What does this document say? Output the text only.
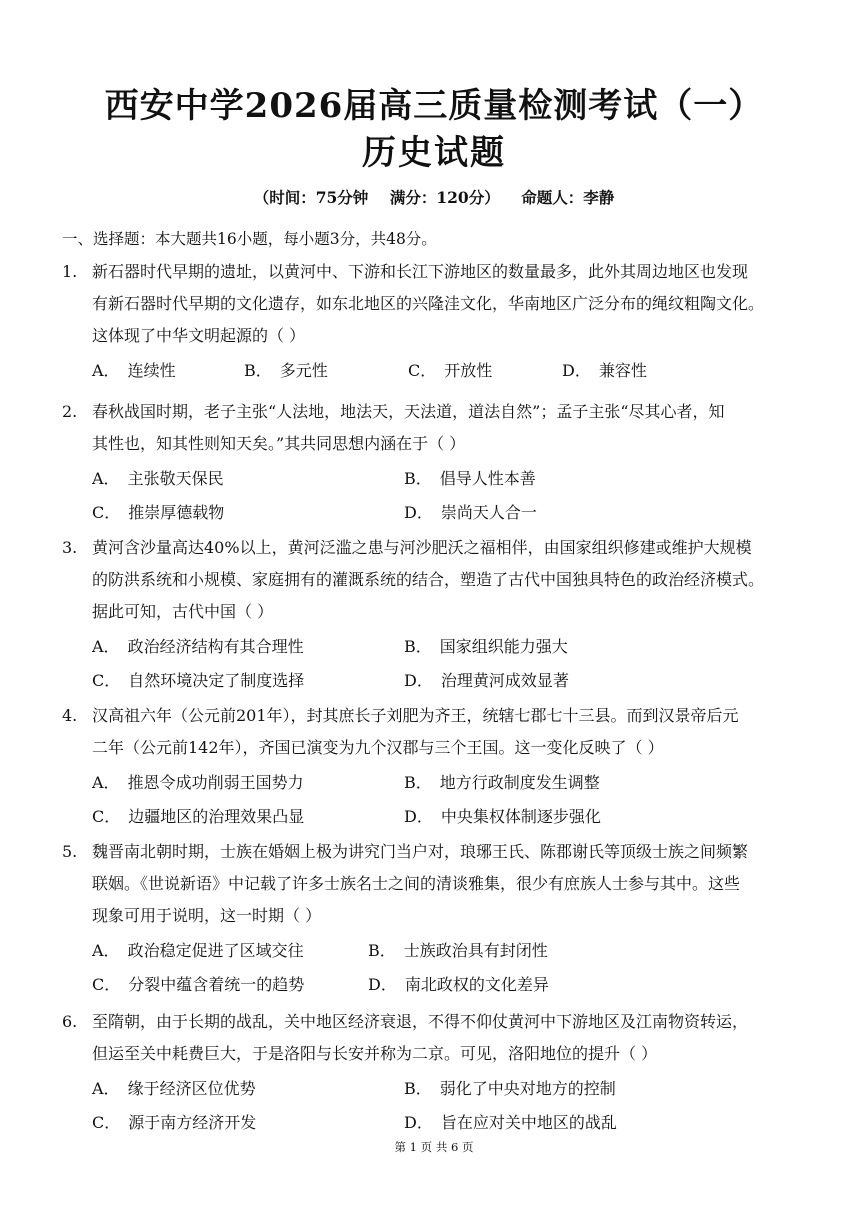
西安中学2026届高三质量检测考试（一）
历史试题
（时间：75分钟    满分：120分）    命题人：李静
一、选择题：本大题共16小题，每小题3分，共48分。
1. 新石器时代早期的遗址，以黄河中、下游和长江下游地区的数量最多，此外其周边地区也发现
有新石器时代早期的文化遗存，如东北地区的兴隆洼文化，华南地区广泛分布的绳纹粗陶文化。
这体现了中华文明起源的（ ）
A． 连续性	B． 多元性	C． 开放性	D． 兼容性
2. 春秋战国时期，老子主张“人法地，地法天，天法道，道法自然”；孟子主张“尽其心者，知
其性也，知其性则知天矣。”其共同思想内涵在于（ ）
A． 主张敬天保民	B． 倡导人性本善
C． 推崇厚德载物	D． 崇尚天人合一
3. 黄河含沙量高达40%以上，黄河泛滥之患与河沙肥沃之福相伴，由国家组织修建或维护大规模
的防洪系统和小规模、家庭拥有的灌溉系统的结合，塑造了古代中国独具特色的政治经济模式。
据此可知，古代中国（ ）
A． 政治经济结构有其合理性	B． 国家组织能力强大
C． 自然环境决定了制度选择	D． 治理黄河成效显著
4. 汉高祖六年（公元前201年），封其庶长子刘肥为齐王，统辖七郡七十三县。而到汉景帝后元
二年（公元前142年），齐国已演变为九个汉郡与三个王国。这一变化反映了（ ）
A． 推恩令成功削弱王国势力	B． 地方行政制度发生调整
C． 边疆地区的治理效果凸显	D． 中央集权体制逐步强化
5. 魏晋南北朝时期，士族在婚姻上极为讲究门当户对，琅琊王氏、陈郡谢氏等顶级士族之间频繁
联姻。《世说新语》中记载了许多士族名士之间的清谈雅集，很少有庶族人士参与其中。这些
现象可用于说明，这一时期（ ）
A． 政治稳定促进了区域交往	B． 士族政治具有封闭性
C． 分裂中蕴含着统一的趋势	D． 南北政权的文化差异
6. 至隋朝，由于长期的战乱，关中地区经济衰退，不得不仰仗黄河中下游地区及江南物资转运，
但运至关中耗费巨大，于是洛阳与长安并称为二京。可见，洛阳地位的提升（ ）
A． 缘于经济区位优势	B． 弱化了中央对地方的控制
C． 源于南方经济开发	D． 旨在应对关中地区的战乱
第 1 页 共 6 页
